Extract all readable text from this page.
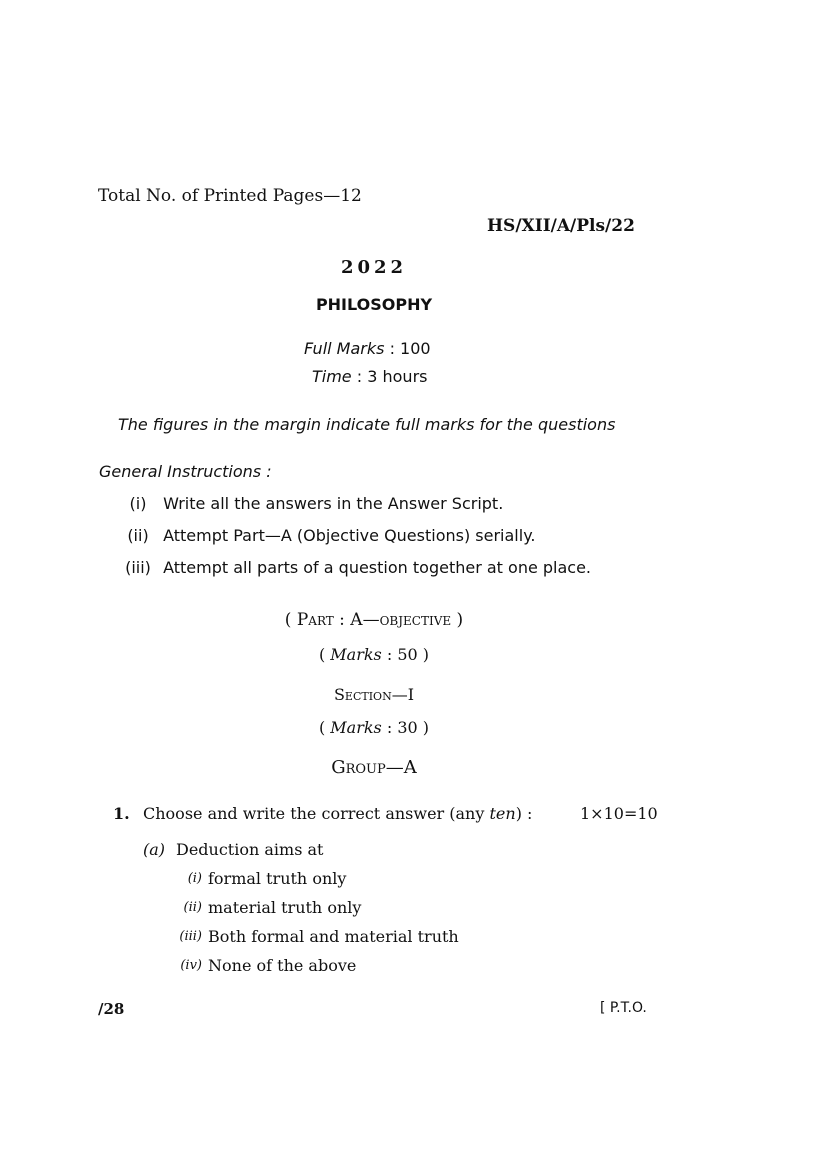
Total No. of Printed Pages—12
HS/XII/A/Pls/22
2022
PHILOSOPHY
Full Marks : 100
Time : 3 hours
The figures in the margin indicate full marks for the questions
General Instructions :
(i) Write all the answers in the Answer Script.
(ii) Attempt Part—A (Objective Questions) serially.
(iii) Attempt all parts of a question together at one place.
( Part : A—objective )
( Marks : 50 )
Section—I
( Marks : 30 )
Group—A
1. Choose and write the correct answer (any ten) :	1×10=10
(a) Deduction aims at
(i) formal truth only
(ii) material truth only
(iii) Both formal and material truth
(iv) None of the above
/28	[ P.T.O.
